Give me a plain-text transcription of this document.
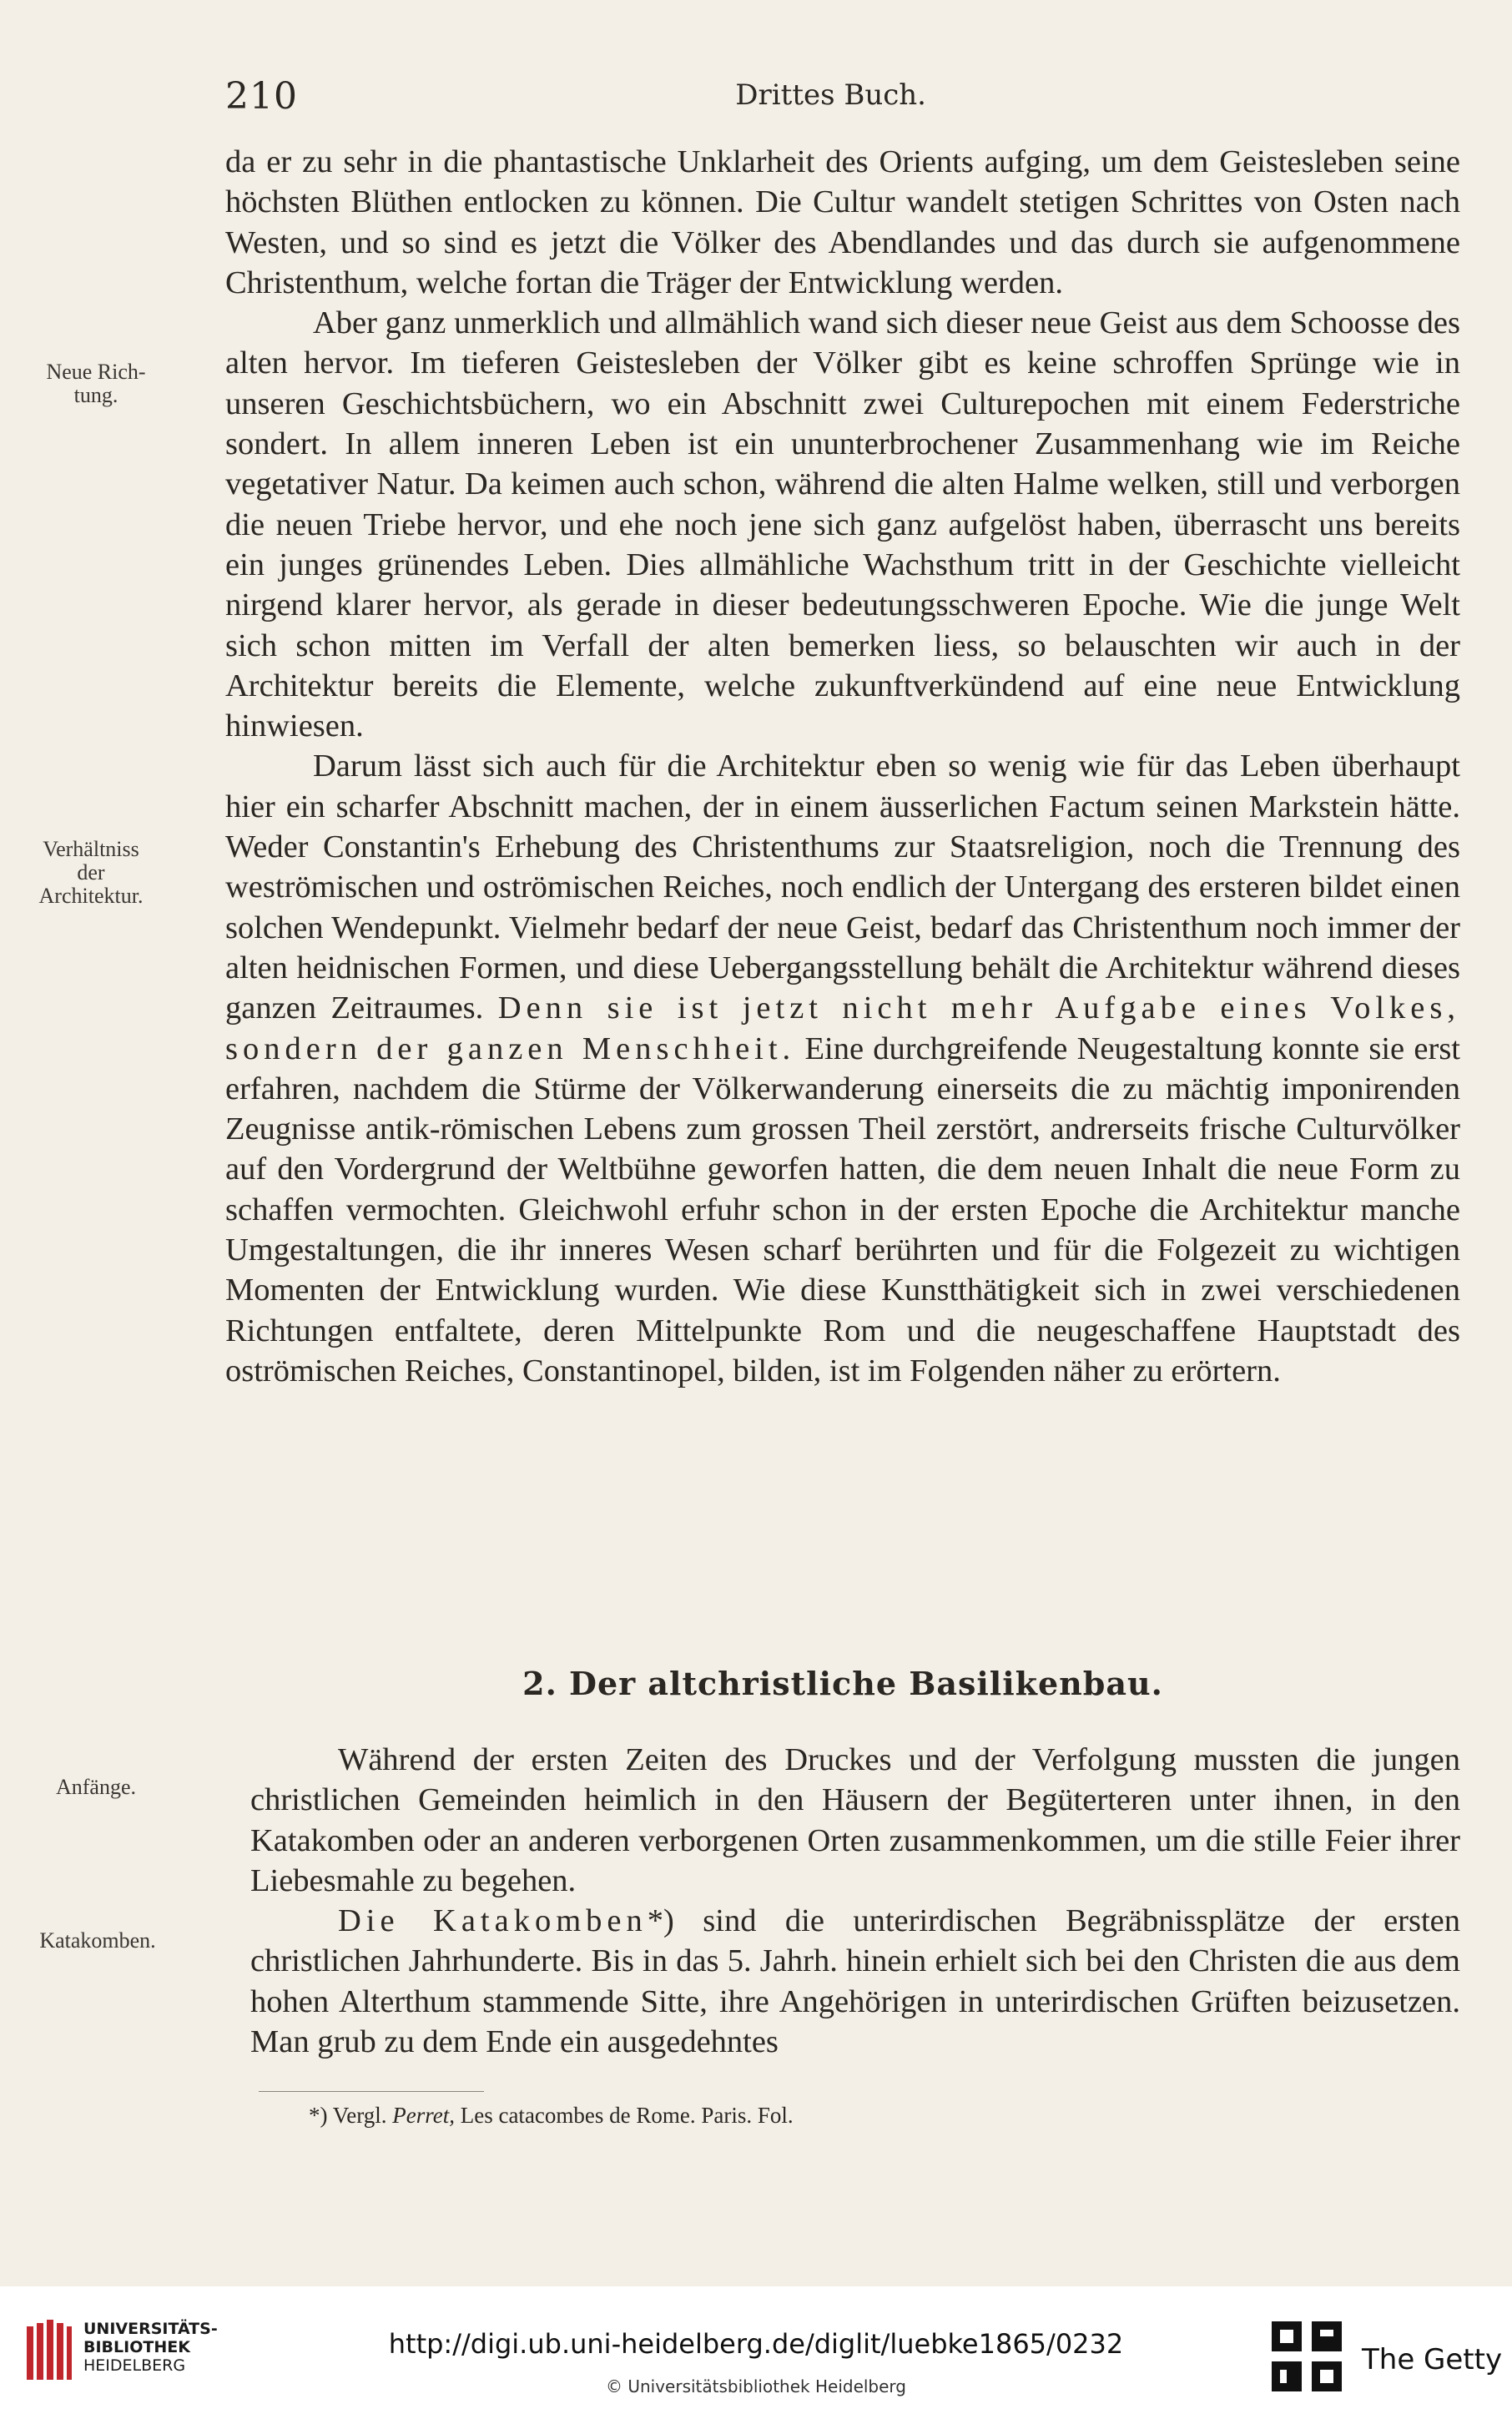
210	Drittes Buch.
Neue Rich-
tung.
Verhältniss
der
Architektur.
Anfänge.
Katakomben.

da er zu sehr in die phantastische Unklarheit des Orients aufging, um dem Geistesleben seine höchsten Blüthen entlocken zu können. Die Cultur wandelt stetigen Schrittes von Osten nach Westen, und so sind es jetzt die Völker des Abendlandes und das durch sie aufgenommene Christenthum, welche fortan die Träger der Entwicklung werden.

Aber ganz unmerklich und allmählich wand sich dieser neue Geist aus dem Schoosse des alten hervor. Im tieferen Geistesleben der Völker gibt es keine schroffen Sprünge wie in unseren Geschichtsbüchern, wo ein Abschnitt zwei Culturepochen mit einem Federstriche sondert. In allem inneren Leben ist ein ununterbrochener Zusammenhang wie im Reiche vegetativer Natur. Da keimen auch schon, während die alten Halme welken, still und verborgen die neuen Triebe hervor, und ehe noch jene sich ganz aufgelöst haben, überrascht uns bereits ein junges grünendes Leben. Dies allmähliche Wachsthum tritt in der Geschichte vielleicht nirgend klarer hervor, als gerade in dieser bedeutungsschweren Epoche. Wie die junge Welt sich schon mitten im Verfall der alten bemerken liess, so belauschten wir auch in der Architektur bereits die Elemente, welche zukunftverkündend auf eine neue Entwicklung hinwiesen.

Darum lässt sich auch für die Architektur eben so wenig wie für das Leben überhaupt hier ein scharfer Abschnitt machen, der in einem äusserlichen Factum seinen Markstein hätte. Weder Constantin's Erhebung des Christenthums zur Staatsreligion, noch die Trennung des weströmischen und oströmischen Reiches, noch endlich der Untergang des ersteren bildet einen solchen Wendepunkt. Vielmehr bedarf der neue Geist, bedarf das Christenthum noch immer der alten heidnischen Formen, und diese Uebergangsstellung behält die Architektur während dieses ganzen Zeitraumes. Denn sie ist jetzt nicht mehr Aufgabe eines Volkes, sondern der ganzen Menschheit. Eine durchgreifende Neugestaltung konnte sie erst erfahren, nachdem die Stürme der Völkerwanderung einerseits die zu mächtig imponirenden Zeugnisse antik-römischen Lebens zum grossen Theil zerstört, andrerseits frische Culturvölker auf den Vordergrund der Weltbühne geworfen hatten, die dem neuen Inhalt die neue Form zu schaffen vermochten. Gleichwohl erfuhr schon in der ersten Epoche die Architektur manche Umgestaltungen, die ihr inneres Wesen scharf berührten und für die Folgezeit zu wichtigen Momenten der Entwicklung wurden. Wie diese Kunstthätigkeit sich in zwei verschiedenen Richtungen entfaltete, deren Mittelpunkte Rom und die neugeschaffene Hauptstadt des oströmischen Reiches, Constantinopel, bilden, ist im Folgenden näher zu erörtern.

2. Der altchristliche Basilikenbau.

Während der ersten Zeiten des Druckes und der Verfolgung mussten die jungen christlichen Gemeinden heimlich in den Häusern der Begüterteren unter ihnen, in den Katakomben oder an anderen verborgenen Orten zusammenkommen, um die stille Feier ihrer Liebesmahle zu begehen.

Die Katakomben*) sind die unterirdischen Begräbnissplätze der ersten christlichen Jahrhunderte. Bis in das 5. Jahrh. hinein erhielt sich bei den Christen die aus dem hohen Alterthum stammende Sitte, ihre Angehörigen in unterirdischen Grüften beizusetzen. Man grub zu dem Ende ein ausgedehntes

*) Vergl. Perret, Les catacombes de Rome. Paris. Fol.
UNIVERSITÄTS-
BIBLIOTHEK
HEIDELBERG
http://digi.ub.uni-heidelberg.de/diglit/luebke1865/0232
© Universitätsbibliothek Heidelberg
The Getty
